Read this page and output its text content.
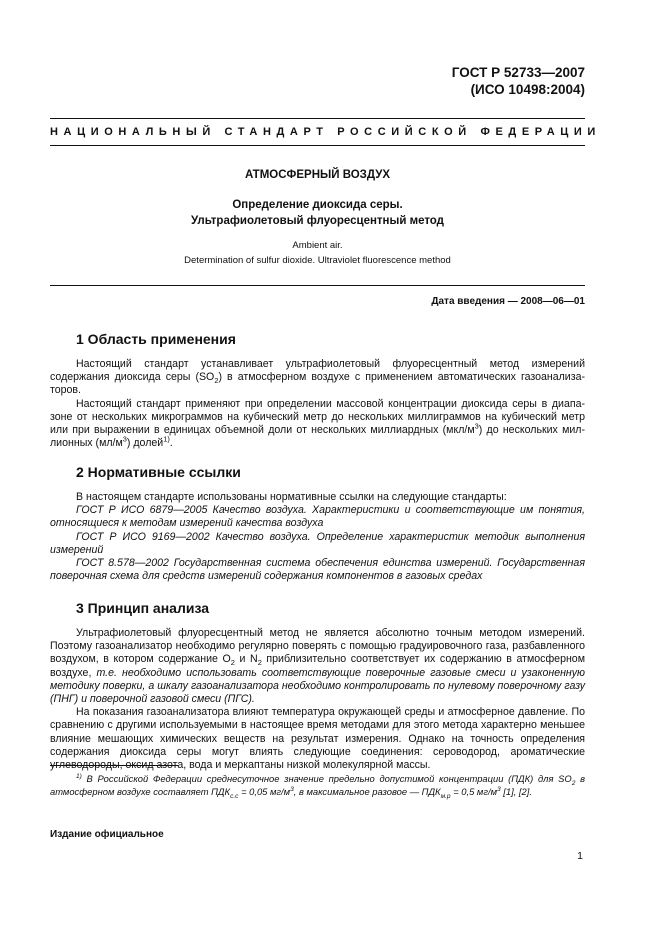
ГОСТ Р 52733—2007
(ИСО 10498:2004)
НАЦИОНАЛЬНЫЙ СТАНДАРТ РОССИЙСКОЙ ФЕДЕРАЦИИ
АТМОСФЕРНЫЙ ВОЗДУХ
Определение диоксида серы.
Ультрафиолетовый флуоресцентный метод
Ambient air.
Determination of sulfur dioxide. Ultraviolet fluorescence method
Дата введения — 2008—06—01
1 Область применения
Настоящий стандарт устанавливает ультрафиолетовый флуоресцентный метод измерений содержания диоксида серы $(SO_2)$ в атмосферном воздухе с применением автоматических газоанализаторов.
Настоящий стандарт применяют при определении массовой концентрации диоксида серы в диапазоне от нескольких микрограммов на кубический метр до нескольких миллиграммов на кубический метр или при выражении в единицах объемной доли от нескольких миллиардных $(мкл/м^3)$ до нескольких миллионных $(мл/м^3)$ долей$^{1)}$.
2 Нормативные ссылки
В настоящем стандарте использованы нормативные ссылки на следующие стандарты:
ГОСТ Р ИСО 6879—2005 Качество воздуха. Характеристики и соответствующие им понятия, относящиеся к методам измерений качества воздуха
ГОСТ Р ИСО 9169—2002 Качество воздуха. Определение характеристик методик выполнения измерений
ГОСТ 8.578—2002 Государственная система обеспечения единства измерений. Государственная поверочная схема для средств измерений содержания компонентов в газовых средах
3 Принцип анализа
Ультрафиолетовый флуоресцентный метод не является абсолютно точным методом измерений. Поэтому газоанализатор необходимо регулярно поверять с помощью градуировочного газа, разбавленного воздухом, в котором содержание $O_2$ и $N_2$ приблизительно соответствует их содержанию в атмосферном воздухе, т.е. необходимо использовать соответствующие поверочные газовые смеси и узаконенную методику поверки, а шкалу газоанализатора необходимо контролировать по нулевому поверочному газу (ПНГ) и поверочной газовой смеси (ПГС).
На показания газоанализатора влияют температура окружающей среды и атмосферное давление. По сравнению с другими используемыми в настоящее время методами для этого метода характерно меньшее влияние мешающих химических веществ на результат измерения. Однако на точность определения содержания диоксида серы могут влиять следующие соединения: сероводород, ароматические углеводороды, оксид азота, вода и меркаптаны низкой молекулярной массы.
$^{1)}$ В Российской Федерации среднесуточное значение предельно допустимой концентрации (ПДК) для $SO_2$ в атмосферном воздухе составляет $ПДК_{с.с} = 0,05$ $мг/м^3$, в максимальное разовое — $ПДК_{м.р} = 0,5$ $мг/м^3$ [1], [2].
Издание официальное
1
